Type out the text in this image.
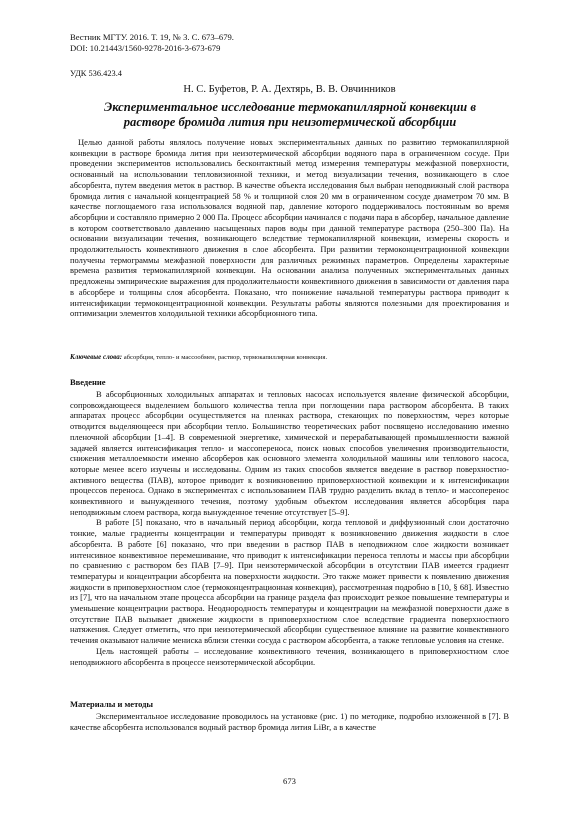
Вестник МГТУ. 2016. Т. 19, № 3. С. 673–679.
DOI: 10.21443/1560-9278-2016-3-673-679
УДК 536.423.4
Н. С. Буфетов, Р. А. Дехтярь, В. В. Овчинников
Экспериментальное исследование термокапиллярной конвекции в растворе бромида лития при неизотермической абсорбции

Целью данной работы являлось получение новых экспериментальных данных по развитию термокапиллярной конвекции в растворе бромида лития при неизотермической абсорбции водяного пара в ограниченном сосуде. При проведении экспериментов использовались бесконтактный метод измерения температуры межфазной поверхности, основанный на использовании тепловизионной техники, и метод визуализации течения, возникающего в слое абсорбента, путем введения меток в раствор. В качестве объекта исследования был выбран неподвижный слой раствора бромида лития с начальной концентрацией 58 % и толщиной слоя 20 мм в ограниченном сосуде диаметром 70 мм. В качестве поглощаемого газа использовался водяной пар, давление которого поддерживалось постоянным во время абсорбции и составляло примерно 2 000 Па. Процесс абсорбции начинался с подачи пара в абсорбер, начальное давление в котором соответствовало давлению насыщенных паров воды при данной температуре раствора (250–300 Па). На основании визуализации течения, возникающего вследствие термокапиллярной конвекции, измерены скорость и продолжительность конвективного движения в слое абсорбента. При развитии термоконцентрационной конвекции получены термограммы межфазной поверхности для различных режимных параметров. Определены характерные времена развития термокапиллярной конвекции. На основании анализа полученных экспериментальных данных предложены эмпирические выражения для продолжительности конвективного движения в зависимости от давления пара в абсорбере и толщины слоя абсорбента. Показано, что понижение начальной температуры раствора приводит к интенсификации термоконцентрационной конвекции. Результаты работы являются полезными для проектирования и оптимизации элементов холодильной техники абсорбционного типа.

Ключевые слова: абсорбция, тепло- и массообмен, раствор, термокапиллярная конвекция.

Введение

В абсорбционных холодильных аппаратах и тепловых насосах используется явление физической абсорбции, сопровождающееся выделением большого количества тепла при поглощении пара раствором абсорбента. В таких аппаратах процесс абсорбции осуществляется на пленках раствора, стекающих по поверхностям, через которые отводится выделяющееся при абсорбции тепло. Большинство теоретических работ посвящено исследованию именно пленочной абсорбции [1–4]. В современной энергетике, химической и перерабатывающей промышленности важной задачей является интенсификация тепло- и массопереноса, поиск новых способов увеличения производительности, снижения металлоемкости именно абсорберов как основного элемента холодильной машины или теплового насоса, которые менее всего изучены и исследованы. Одним из таких способов является введение в раствор поверхностно-активного вещества (ПАВ), которое приводит к возникновению приповерхностной конвекции и к интенсификации процессов переноса. Однако в экспериментах с использованием ПАВ трудно разделить вклад в тепло- и массоперенос конвективного и вынужденного течения, поэтому удобным объектом исследования является абсорбция пара неподвижным слоем раствора, когда вынужденное течение отсутствует [5–9].

В работе [5] показано, что в начальный период абсорбции, когда тепловой и диффузионный слои достаточно тонкие, малые градиенты концентрации и температуры приводят к возникновению движения жидкости в слое абсорбента. В работе [6] показано, что при введении в раствор ПАВ в неподвижном слое жидкости возникает интенсивное конвективное перемешивание, что приводит к интенсификации переноса теплоты и массы при абсорбции по сравнению с раствором без ПАВ [7–9]. При неизотермической абсорбции в отсутствии ПАВ имеется градиент температуры и концентрации абсорбента на поверхности жидкости. Это также может привести к появлению движения жидкости в приповерхностном слое (термоконцентрационная конвекция), рассмотренная подробно в [10, § 68]. Известно из [7], что на начальном этапе процесса абсорбции на границе раздела фаз происходит резкое повышение температуры и уменьшение концентрации раствора. Неоднородность температуры и концентрации на межфазной поверхности даже в отсутствие ПАВ вызывает движение жидкости в приповерхностном слое вследствие градиента поверхностного натяжения. Следует отметить, что при неизотермической абсорбции существенное влияние на развитие конвективного течения оказывают наличие мениска вблизи стенки сосуда с раствором абсорбента, а также тепловые условия на стенке.

Цель настоящей работы – исследование конвективного течения, возникающего в приповерхностном слое неподвижного абсорбента в процессе неизотермической абсорбции.

Материалы и методы

Экспериментальное исследование проводилось на установке (рис. 1) по методике, подробно изложенной в [7]. В качестве абсорбента использовался водный раствор бромида лития LiBr, а в качестве

673
